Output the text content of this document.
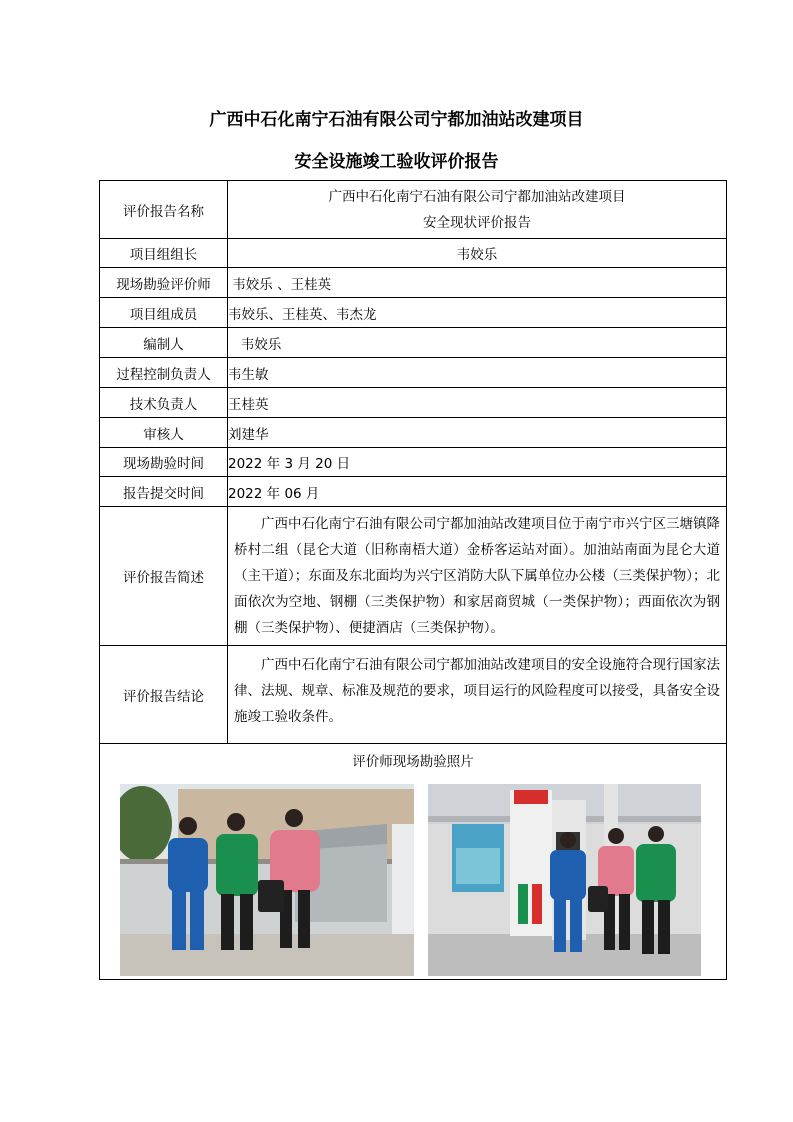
广西中石化南宁石油有限公司宁都加油站改建项目
安全设施竣工验收评价报告
评价报告名称	广西中石化南宁石油有限公司宁都加油站改建项目
安全现状评价报告

项目组组长	韦姣乐
现场勘验评价师	韦姣乐 、王桂英
项目组成员	韦姣乐、王桂英、韦杰龙
编制人	韦姣乐
过程控制负责人	韦生敏
技术负责人	王桂英
审核人	刘建华
现场勘验时间	2022 年 3 月 20 日
报告提交时间	2022 年 06 月
评价报告简述	广西中石化南宁石油有限公司宁都加油站改建项目位于南宁市兴宁区三塘镇降桥村二组（昆仑大道（旧称南梧大道）金桥客运站对面）。加油站南面为昆仑大道（主干道）；东面及东北面均为兴宁区消防大队下属单位办公楼（三类保护物）；北面依次为空地、钢棚（三类保护物）和家居商贸城（一类保护物）；西面依次为钢棚（三类保护物）、便捷酒店（三类保护物）。

评价报告结论	广西中石化南宁石油有限公司宁都加油站改建项目的安全设施符合现行国家法律、法规、规章、标准及规范的要求，项目运行的风险程度可以接受，具备安全设施竣工验收条件。

评价师现场勘验照片	
